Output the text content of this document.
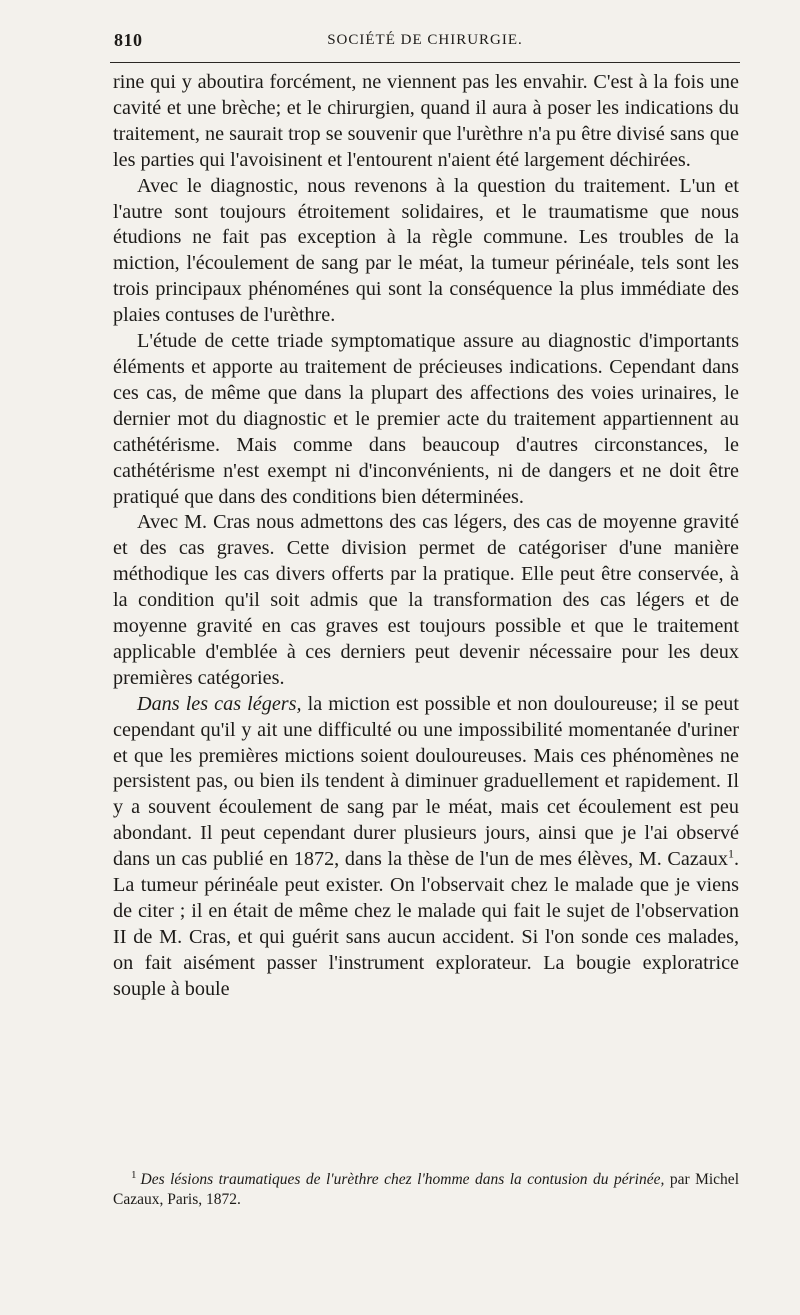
810	SOCIÉTÉ DE CHIRURGIE.

rine qui y aboutira forcément, ne viennent pas les envahir. C'est à la fois une cavité et une brèche; et le chirurgien, quand il aura à poser les indications du traitement, ne saurait trop se souvenir que l'urèthre n'a pu être divisé sans que les parties qui l'avoisinent et l'entourent n'aient été largement déchirées.

Avec le diagnostic, nous revenons à la question du traitement. L'un et l'autre sont toujours étroitement solidaires, et le traumatisme que nous étudions ne fait pas exception à la règle commune. Les troubles de la miction, l'écoulement de sang par le méat, la tumeur périnéale, tels sont les trois principaux phénoménes qui sont la conséquence la plus immédiate des plaies contuses de l'urèthre.

L'étude de cette triade symptomatique assure au diagnostic d'importants éléments et apporte au traitement de précieuses indications. Cependant dans ces cas, de même que dans la plupart des affections des voies urinaires, le dernier mot du diagnostic et le premier acte du traitement appartiennent au cathétérisme. Mais comme dans beaucoup d'autres circonstances, le cathétérisme n'est exempt ni d'inconvénients, ni de dangers et ne doit être pratiqué que dans des conditions bien déterminées.

Avec M. Cras nous admettons des cas légers, des cas de moyenne gravité et des cas graves. Cette division permet de catégoriser d'une manière méthodique les cas divers offerts par la pratique. Elle peut être conservée, à la condition qu'il soit admis que la transformation des cas légers et de moyenne gravité en cas graves est toujours possible et que le traitement applicable d'emblée à ces derniers peut devenir nécessaire pour les deux premières catégories.

Dans les cas légers, la miction est possible et non douloureuse; il se peut cependant qu'il y ait une difficulté ou une impossibilité momentanée d'uriner et que les premières mictions soient douloureuses. Mais ces phénomènes ne persistent pas, ou bien ils tendent à diminuer graduellement et rapidement. Il y a souvent écoulement de sang par le méat, mais cet écoulement est peu abondant. Il peut cependant durer plusieurs jours, ainsi que je l'ai observé dans un cas publié en 1872, dans la thèse de l'un de mes élèves, M. Cazaux$^1$. La tumeur périnéale peut exister. On l'observait chez le malade que je viens de citer ; il en était de même chez le malade qui fait le sujet de l'observation II de M. Cras, et qui guérit sans aucun accident. Si l'on sonde ces malades, on fait aisément passer l'instrument explorateur. La bougie exploratrice souple à boule

$^1$ Des lésions traumatiques de l'urèthre chez l'homme dans la contusion du périnée, par Michel Cazaux, Paris, 1872.
